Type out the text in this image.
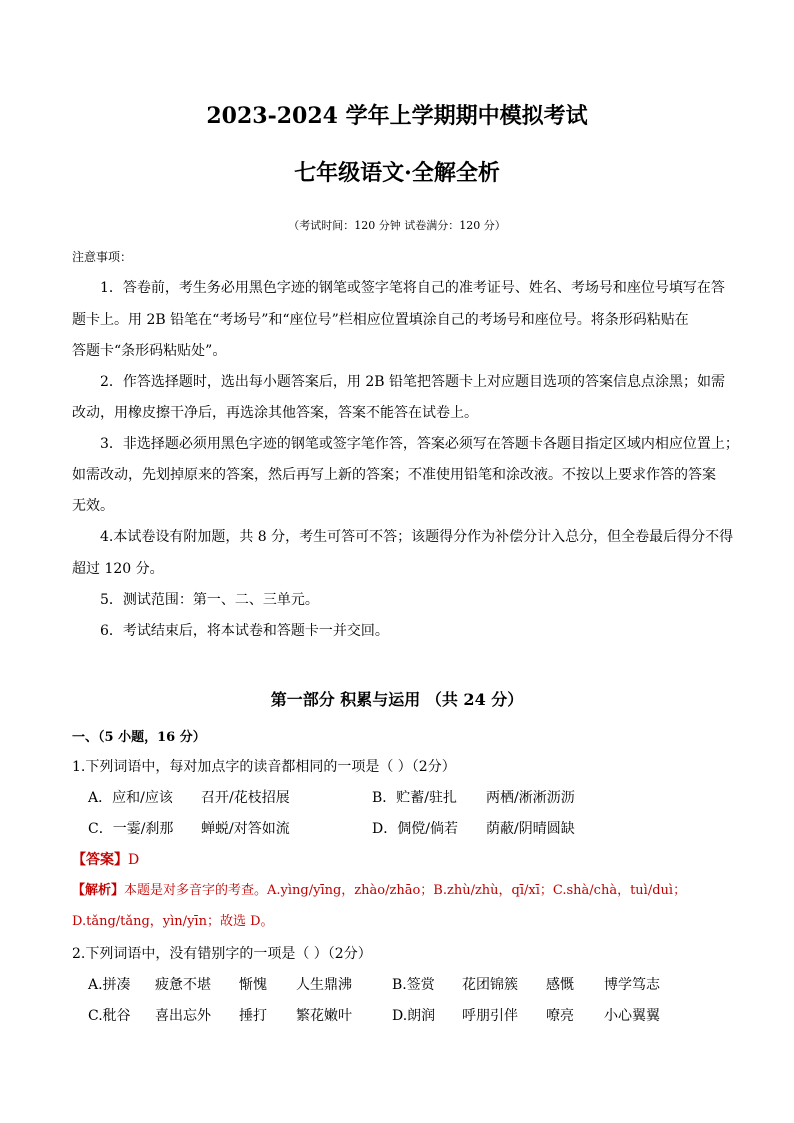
2023-2024 学年上学期期中模拟考试
七年级语文·全解全析
（考试时间：120 分钟 试卷满分：120 分）
注意事项：
1．答卷前，考生务必用黑色字迹的钢笔或签字笔将自己的准考证号、姓名、考场号和座位号填写在答
题卡上。用 2B 铅笔在“考场号”和“座位号”栏相应位置填涂自己的考场号和座位号。将条形码粘贴在
答题卡“条形码粘贴处”。
2．作答选择题时，选出每小题答案后，用 2B 铅笔把答题卡上对应题目选项的答案信息点涂黑；如需
改动，用橡皮擦干净后，再选涂其他答案，答案不能答在试卷上。
3．非选择题必须用黑色字迹的钢笔或签字笔作答，答案必须写在答题卡各题目指定区域内相应位置上；
如需改动，先划掉原来的答案，然后再写上新的答案；不准使用铅笔和涂改液。不按以上要求作答的答案
无效。
4.本试卷设有附加题，共 8 分，考生可答可不答；该题得分作为补偿分计入总分，但全卷最后得分不得
超过 120 分。
5．测试范围：第一、二、三单元。
6．考试结束后，将本试卷和答题卡一并交回。
第一部分 积累与运用 （共 24 分）
一、（5 小题，16 分）
1.下列词语中，每对加点字的读音都相同的一项是（ ）（2分）
A．应和/应该 召开/花枝招展	B．贮蓄/驻扎 两栖/淅淅沥沥
C．一霎/刹那 蝉蜕/对答如流	D．倜傥/倘若 荫蔽/阴晴圆缺
【答案】D
【解析】本题是对多音字的考查。A.yìng/yīng，zhào/zhāo；B.zhù/zhù，qī/xī；C.shà/chà，tuì/duì；
D.tǎng/tǎng，yìn/yīn；故选 D。
2.下列词语中，没有错别字的一项是（ ）（2分）
A.拼凑 疲惫不堪 惭愧 人生鼎沸	B.签赏 花团锦簇 感慨 博学笃志
C.秕谷 喜出忘外 捶打 繁花嫩叶	D.朗润 呼朋引伴 嘹亮 小心翼翼
